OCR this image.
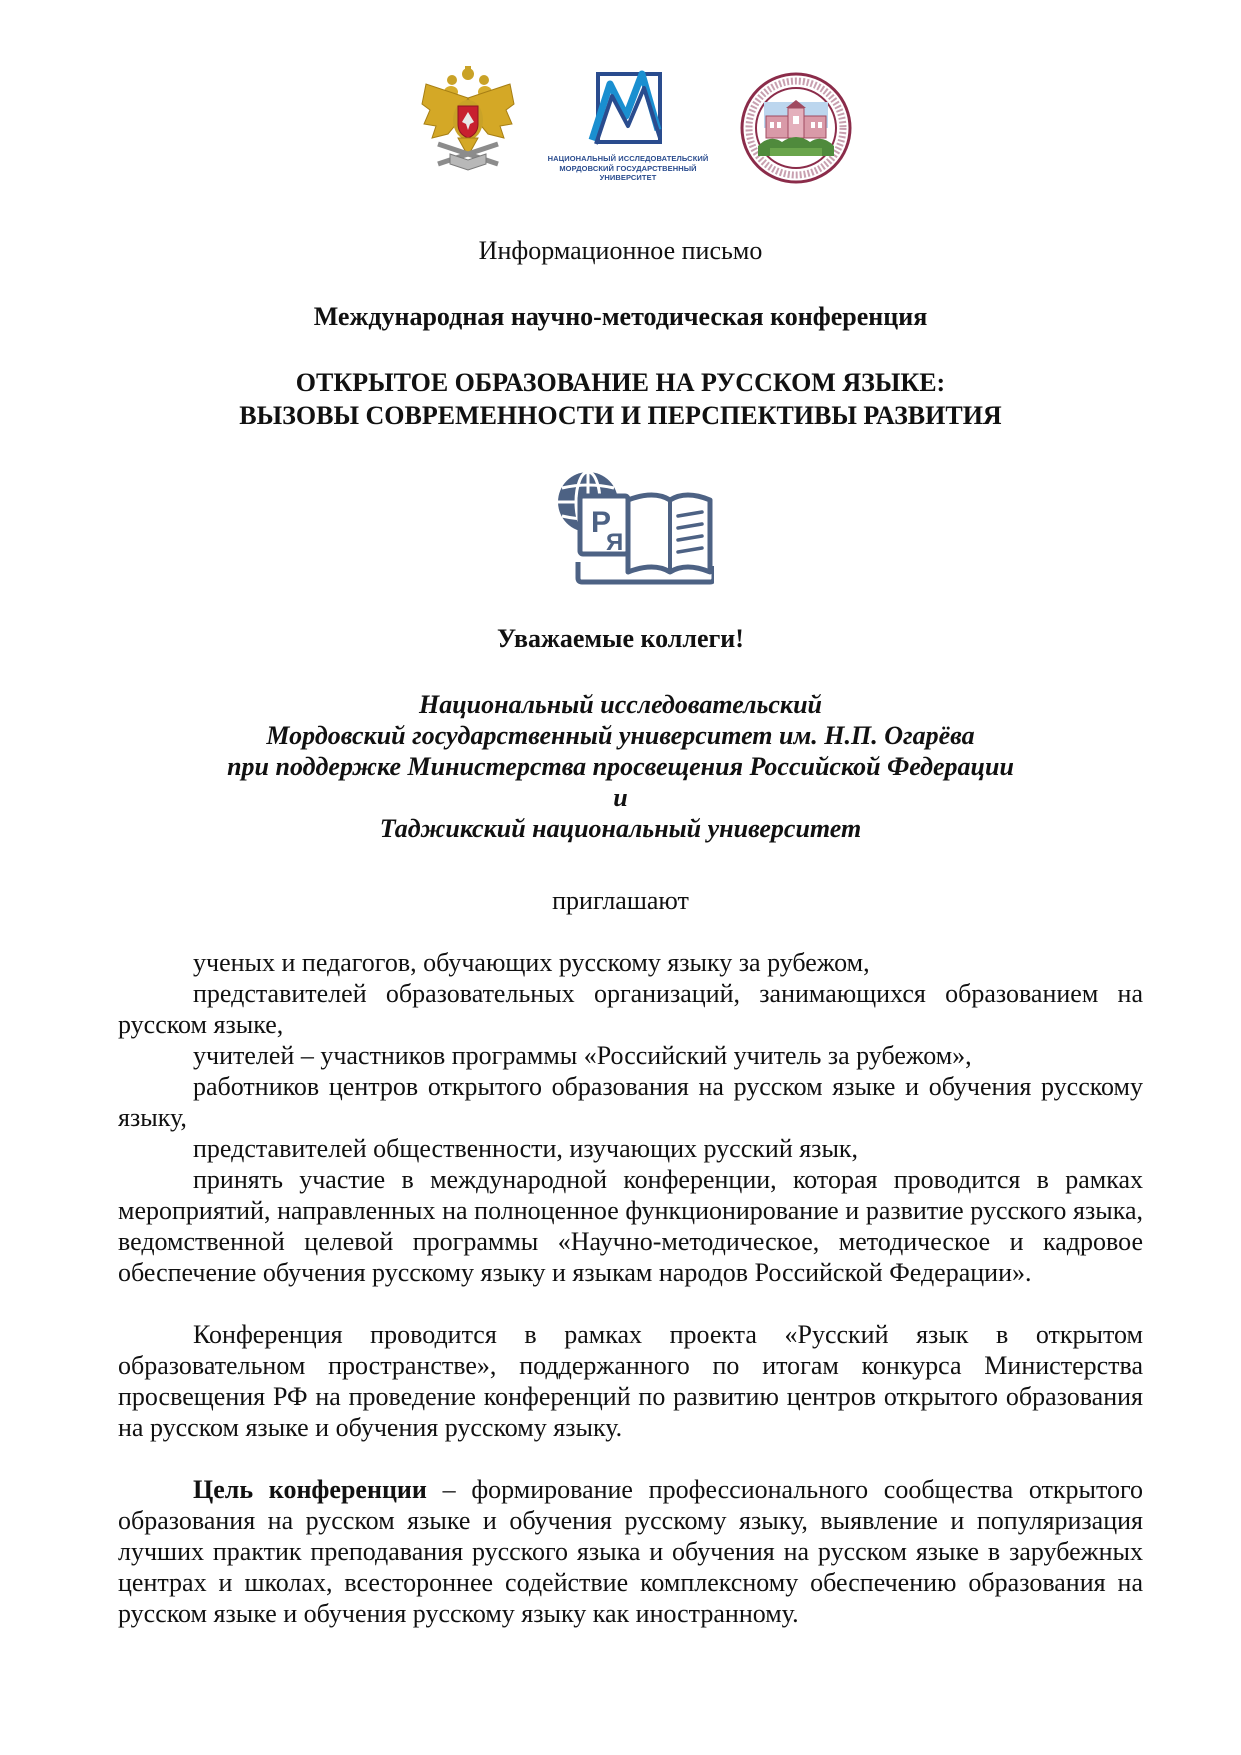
НАЦИОНАЛЬНЫЙ ИССЛЕДОВАТЕЛЬСКИЙ
МОРДОВСКИЙ ГОСУДАРСТВЕННЫЙ УНИВЕРСИТЕТ
Информационное письмо
Международная научно-методическая конференция
ОТКРЫТОЕ ОБРАЗОВАНИЕ НА РУССКОМ ЯЗЫКЕ:
ВЫЗОВЫ СОВРЕМЕННОСТИ И ПЕРСПЕКТИВЫ РАЗВИТИЯ
Р
Я
Уважаемые коллеги!
Национальный исследовательский
Мордовский государственный университет им. Н.П. Огарёва
при поддержке Министерства просвещения Российской Федерации
и
Таджикский национальный университет
приглашают

ученых и педагогов, обучающих русскому языку за рубежом,

представителей образовательных организаций, занимающихся образованием на русском языке,

учителей – участников программы «Российский учитель за рубежом»,

работников центров открытого образования на русском языке и обучения русскому языку,

представителей общественности, изучающих русский язык,

принять участие в международной конференции, которая проводится в рамках мероприятий, направленных на полноценное функционирование и развитие русского языка, ведомственной целевой программы «Научно-методическое, методическое и кадровое обеспечение обучения русскому языку и языкам народов Российской Федерации».

Конференция проводится в рамках проекта «Русский язык в открытом образовательном пространстве», поддержанного по итогам конкурса Министерства просвещения РФ на проведение конференций по развитию центров открытого образования на русском языке и обучения русскому языку.

Цель конференции – формирование профессионального сообщества открытого образования на русском языке и обучения русскому языку, выявление и популяризация лучших практик преподавания русского языка и обучения на русском языке в зарубежных центрах и школах, всестороннее содействие комплексному обеспечению образования на русском языке и обучения русскому языку как иностранному.
